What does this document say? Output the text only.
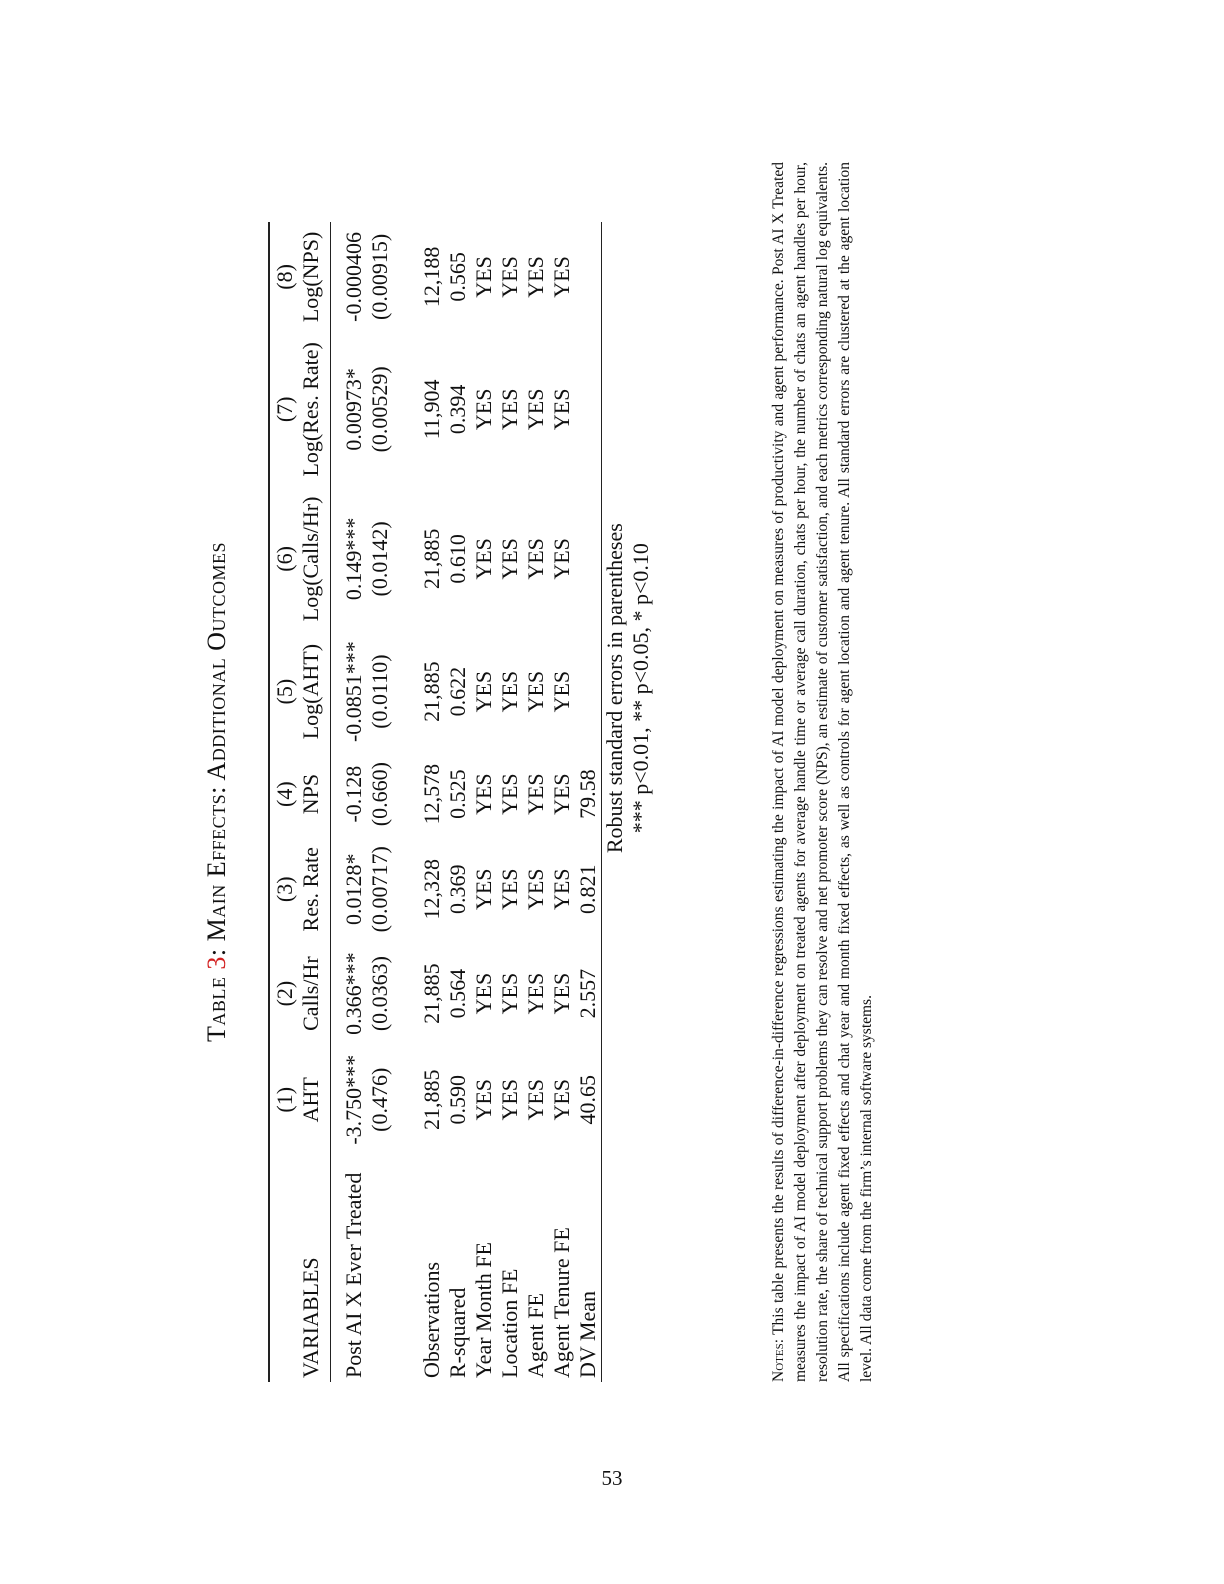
Table 3: Main Effects: Additional Outcomes
	(1)	(2)	(3)	(4)	(5)	(6)	(7)	(8)
VARIABLES	AHT	Calls/Hr	Res. Rate	NPS	Log(AHT)	Log(Calls/Hr)	Log(Res. Rate)	Log(NPS)

Post AI X Ever Treated	-3.750***	0.366***	0.0128*	-0.128	-0.0851***	0.149***	0.00973*	-0.000406
	(0.476)	(0.0363)	(0.00717)	(0.660)	(0.0110)	(0.0142)	(0.00529)	(0.00915)

Observations	21,885	21,885	12,328	12,578	21,885	21,885	11,904	12,188
R-squared	0.590	0.564	0.369	0.525	0.622	0.610	0.394	0.565
Year Month FE	YES	YES	YES	YES	YES	YES	YES	YES
Location FE	YES	YES	YES	YES	YES	YES	YES	YES
Agent FE	YES	YES	YES	YES	YES	YES	YES	YES
Agent Tenure FE	YES	YES	YES	YES	YES	YES	YES	YES
DV Mean	40.65	2.557	0.821	79.58				
	Robust standard errors in parentheses							
	*** p<0.01, ** p<0.05, * p<0.10							
Notes: This table presents the results of difference-in-difference regressions estimating the impact of AI model deployment on measures of productivity and agent performance. Post AI X Treated measures the impact of AI model deployment after deployment on treated agents for average handle time or average call duration, chats per hour, the number of chats an agent handles per hour, resolution rate, the share of technical support problems they can resolve and net promoter score (NPS), an estimate of customer satisfaction, and each metrics corresponding natural log equivalents. All specifications include agent fixed effects and chat year and month fixed effects, as well as controls for agent location and agent tenure. All standard errors are clustered at the agent location level. All data come from the firm’s internal software systems.
53
